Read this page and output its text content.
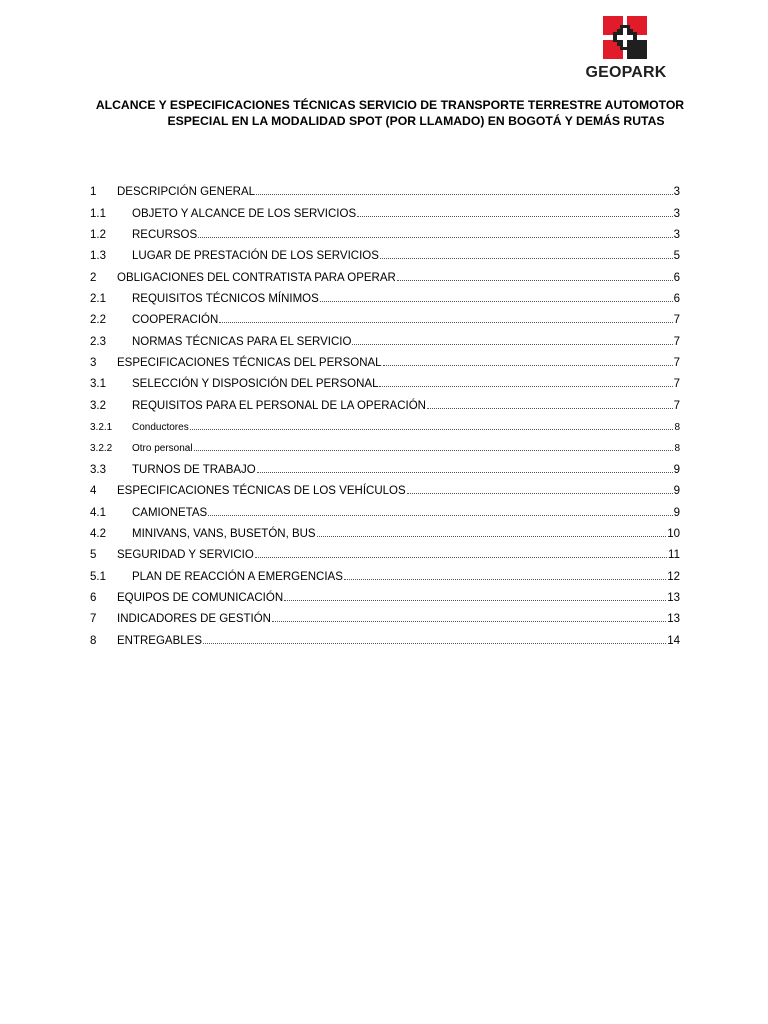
GEOPARK
ALCANCE Y ESPECIFICACIONES TÉCNICAS SERVICIO DE TRANSPORTE TERRESTRE AUTOMOTOR
ESPECIAL EN LA MODALIDAD SPOT (POR LLAMADO) EN BOGOTÁ Y DEMÁS RUTAS
1	DESCRIPCIÓN GENERAL	3
1.1	OBJETO Y ALCANCE DE LOS SERVICIOS	3
1.2	RECURSOS	3
1.3	LUGAR DE PRESTACIÓN DE LOS SERVICIOS	5
2	OBLIGACIONES DEL CONTRATISTA PARA OPERAR	6
2.1	REQUISITOS TÉCNICOS MÍNIMOS	6
2.2	COOPERACIÓN	7
2.3	NORMAS TÉCNICAS PARA EL SERVICIO	7
3	ESPECIFICACIONES TÉCNICAS DEL PERSONAL	7
3.1	SELECCIÓN Y DISPOSICIÓN DEL PERSONAL	7
3.2	REQUISITOS PARA EL PERSONAL DE LA OPERACIÓN	7
3.2.1	Conductores	8
3.2.2	Otro personal	8
3.3	TURNOS DE TRABAJO	9
4	ESPECIFICACIONES TÉCNICAS DE LOS VEHÍCULOS	9
4.1	CAMIONETAS	9
4.2	MINIVANS, VANS, BUSETÓN, BUS	10
5	SEGURIDAD Y SERVICIO	11
5.1	PLAN DE REACCIÓN A EMERGENCIAS	12
6	EQUIPOS DE COMUNICACIÓN	13
7	INDICADORES DE GESTIÓN	13
8	ENTREGABLES	14
